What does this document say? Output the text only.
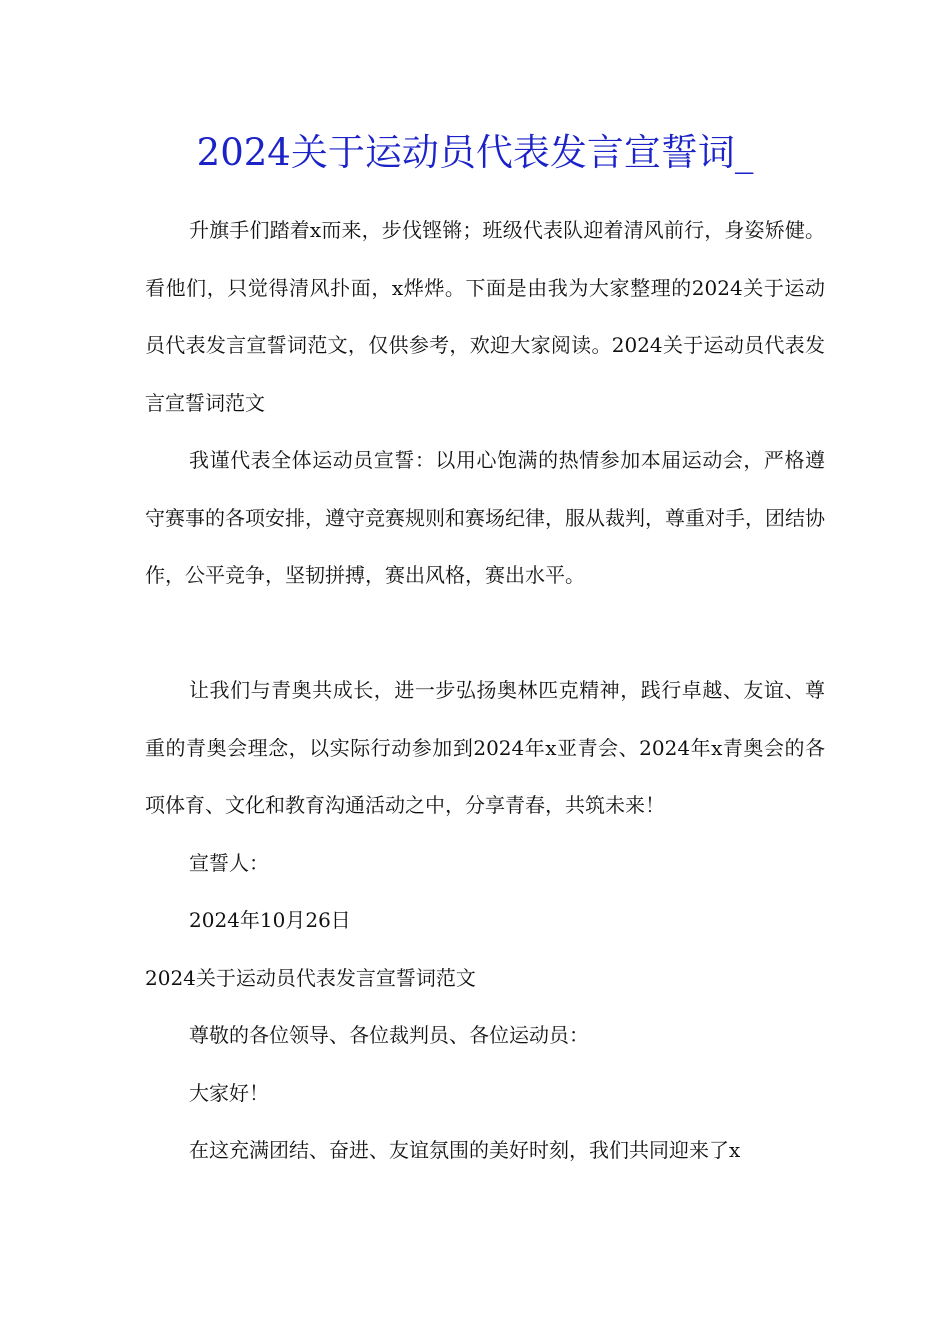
2024关于运动员代表发言宣誓词_

升旗手们踏着x而来，步伐铿锵；班级代表队迎着清风前行，身姿矫健。看他们，只觉得清风扑面，x烨烨。下面是由我为大家整理的2024关于运动员代表发言宣誓词范文，仅供参考，欢迎大家阅读。2024关于运动员代表发言宣誓词范文

我谨代表全体运动员宣誓：以用心饱满的热情参加本届运动会，严格遵守赛事的各项安排，遵守竞赛规则和赛场纪律，服从裁判，尊重对手，团结协作，公平竞争，坚韧拼搏，赛出风格，赛出水平。

让我们与青奥共成长，进一步弘扬奥林匹克精神，践行卓越、友谊、尊重的青奥会理念，以实际行动参加到2024年x亚青会、2024年x青奥会的各项体育、文化和教育沟通活动之中，分享青春，共筑未来！

宣誓人：

2024年10月26日

2024关于运动员代表发言宣誓词范文

尊敬的各位领导、各位裁判员、各位运动员：

大家好！

在这充满团结、奋进、友谊氛围的美好时刻，我们共同迎来了x
